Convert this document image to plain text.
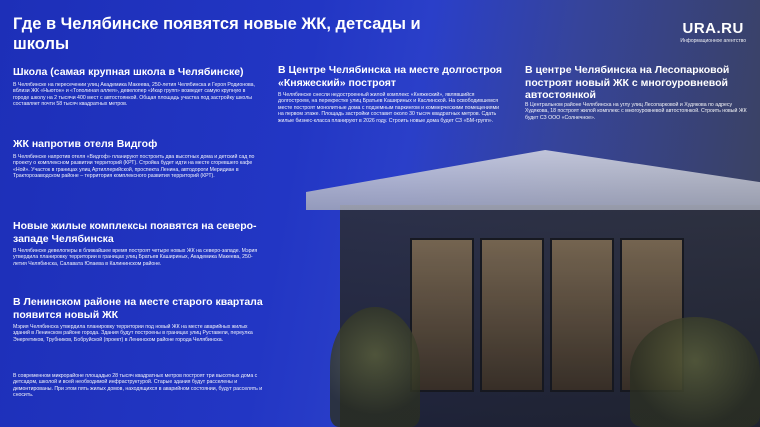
Где в Челябинске появятся новые ЖК, детсады и школы
URA.RU
Информационное агентство
Школа (самая крупная школа в Челябинске)
В Челябинске на пересечении улиц Академика Макеева, 250-летия Челябинска и Героя Родионова, вблизи ЖК «Ньютон» и «Тополиная аллея», девелопер «Икар групп» возведет самую крупную в городе школу на 2 тысячи 400 мест с автостоянкой. Общая площадь участка под застройку школы составляет почти 58 тысяч квадратных метров.
ЖК напротив отеля Видгоф
В Челябинске напротив отеля «Видгоф» планируют построить два высотных дома и детский сад по проекту о комплексном развитии территорий (КРТ). Стройка будет идти на месте сгоревшего кафе «Ной». Участок в границах улиц Артиллерийской, проспекта Ленина, автодороги Меридиан в Тракторозаводском районе – территория комплексного развития территорий (КРТ).
Новые жилые комплексы появятся на северо-западе Челябинска
В Челябинске девелоперы в ближайшее время построят четыре новых ЖК на северо-западе. Мэрия утвердила планировку территории в границах улиц Братьев Кашириных, Академика Макеева, 250-летия Челябинска, Салавата Юлаева в Калининском районе.
В Ленинском районе на месте старого квартала появится новый ЖК
Мэрия Челябинска утвердила планировку территории под новый ЖК на месте аварийных жилых зданий в Ленинском районе города. Здания будут построены в границах улиц Руставели, переулка Энергетиков, Трубников, Бобруйской (проект) в Ленинском районе города Челябинска.
В современном микрорайоне площадью 28 тысяч квадратных метров построят три высотных дома с детсадом, школой и всей необходимой инфраструктурой. Старые здания будут расселены и демонтированы. При этом пять жилых домов, находящихся в аварийном состоянии, будут расселять и сносить.
В Центре Челябинска на месте долгостроя «Княжеский» построят
В Челябинске снесли недостроенный жилой комплекс «Княжеский», являвшийся долгостроем, на перекрестке улиц Братьев Кашириных и Каслинской. На освободившемся месте построят монолитные дома с подземным паркингом и коммерческими помещениями на первом этаже. Площадь застройки составит около 30 тысяч квадратных метров. Сдать жилые бизнес-класса планируют в 2026 году. Строить новые дома будет СЗ «БМ-групп».
В центре Челябинска на Лесопарковой построят новый ЖК с многоуровневой автостоянкой
В Центральном районе Челябинска на углу улиц Лесопарковой и Худякова по адресу Худякова, 18 построят жилой комплекс с многоуровневой автостоянкой. Строить новый ЖК будет СЗ ООО «Солнечное».
